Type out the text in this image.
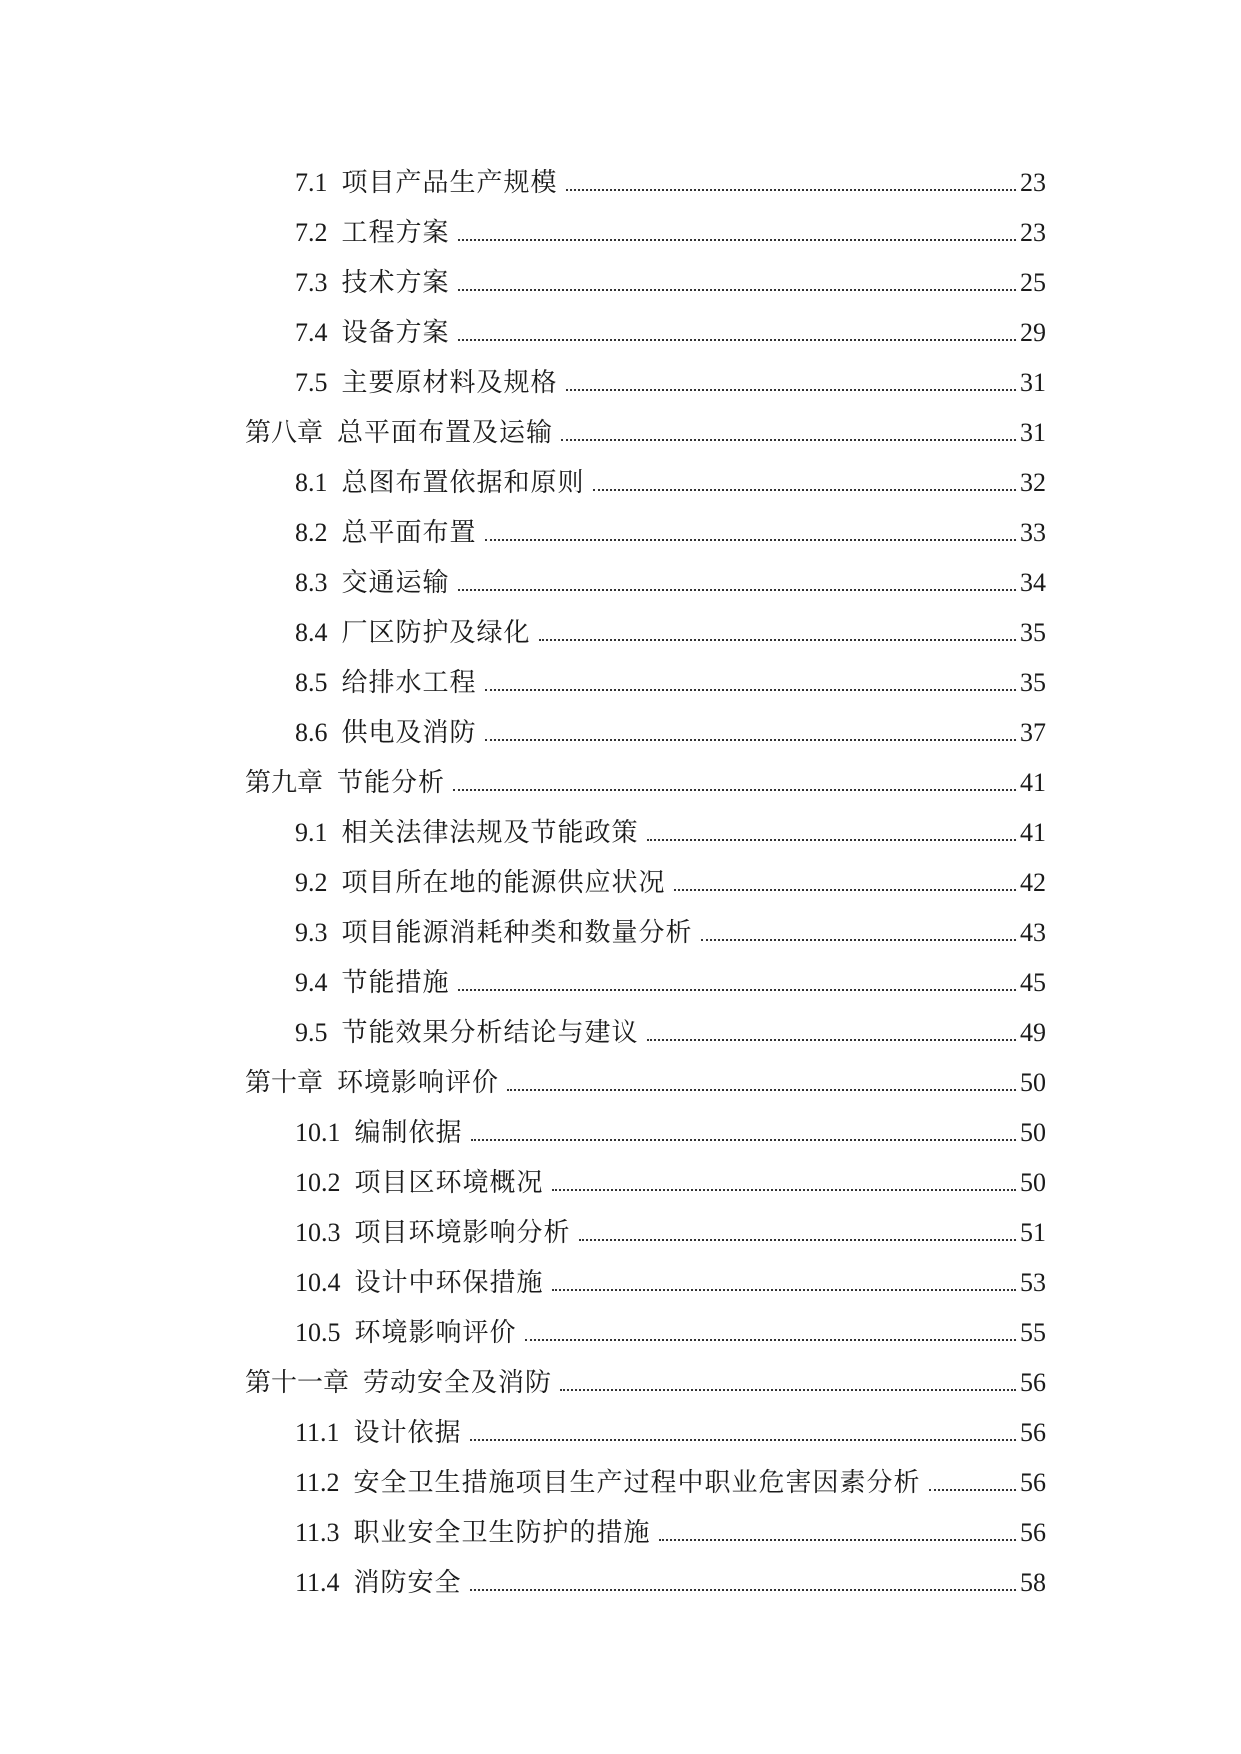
7.1 项目产品生产规模	23
7.2 工程方案	23
7.3 技术方案	25
7.4 设备方案	29
7.5 主要原材料及规格	31
第八章 总平面布置及运输	31
8.1 总图布置依据和原则	32
8.2 总平面布置	33
8.3 交通运输	34
8.4 厂区防护及绿化	35
8.5 给排水工程	35
8.6 供电及消防	37
第九章 节能分析	41
9.1 相关法律法规及节能政策	41
9.2 项目所在地的能源供应状况	42
9.3 项目能源消耗种类和数量分析	43
9.4 节能措施	45
9.5 节能效果分析结论与建议	49
第十章 环境影响评价	50
10.1 编制依据	50
10.2 项目区环境概况	50
10.3 项目环境影响分析	51
10.4 设计中环保措施	53
10.5 环境影响评价	55
第十一章 劳动安全及消防	56
11.1 设计依据	56
11.2 安全卫生措施项目生产过程中职业危害因素分析	56
11.3 职业安全卫生防护的措施	56
11.4 消防安全	58
